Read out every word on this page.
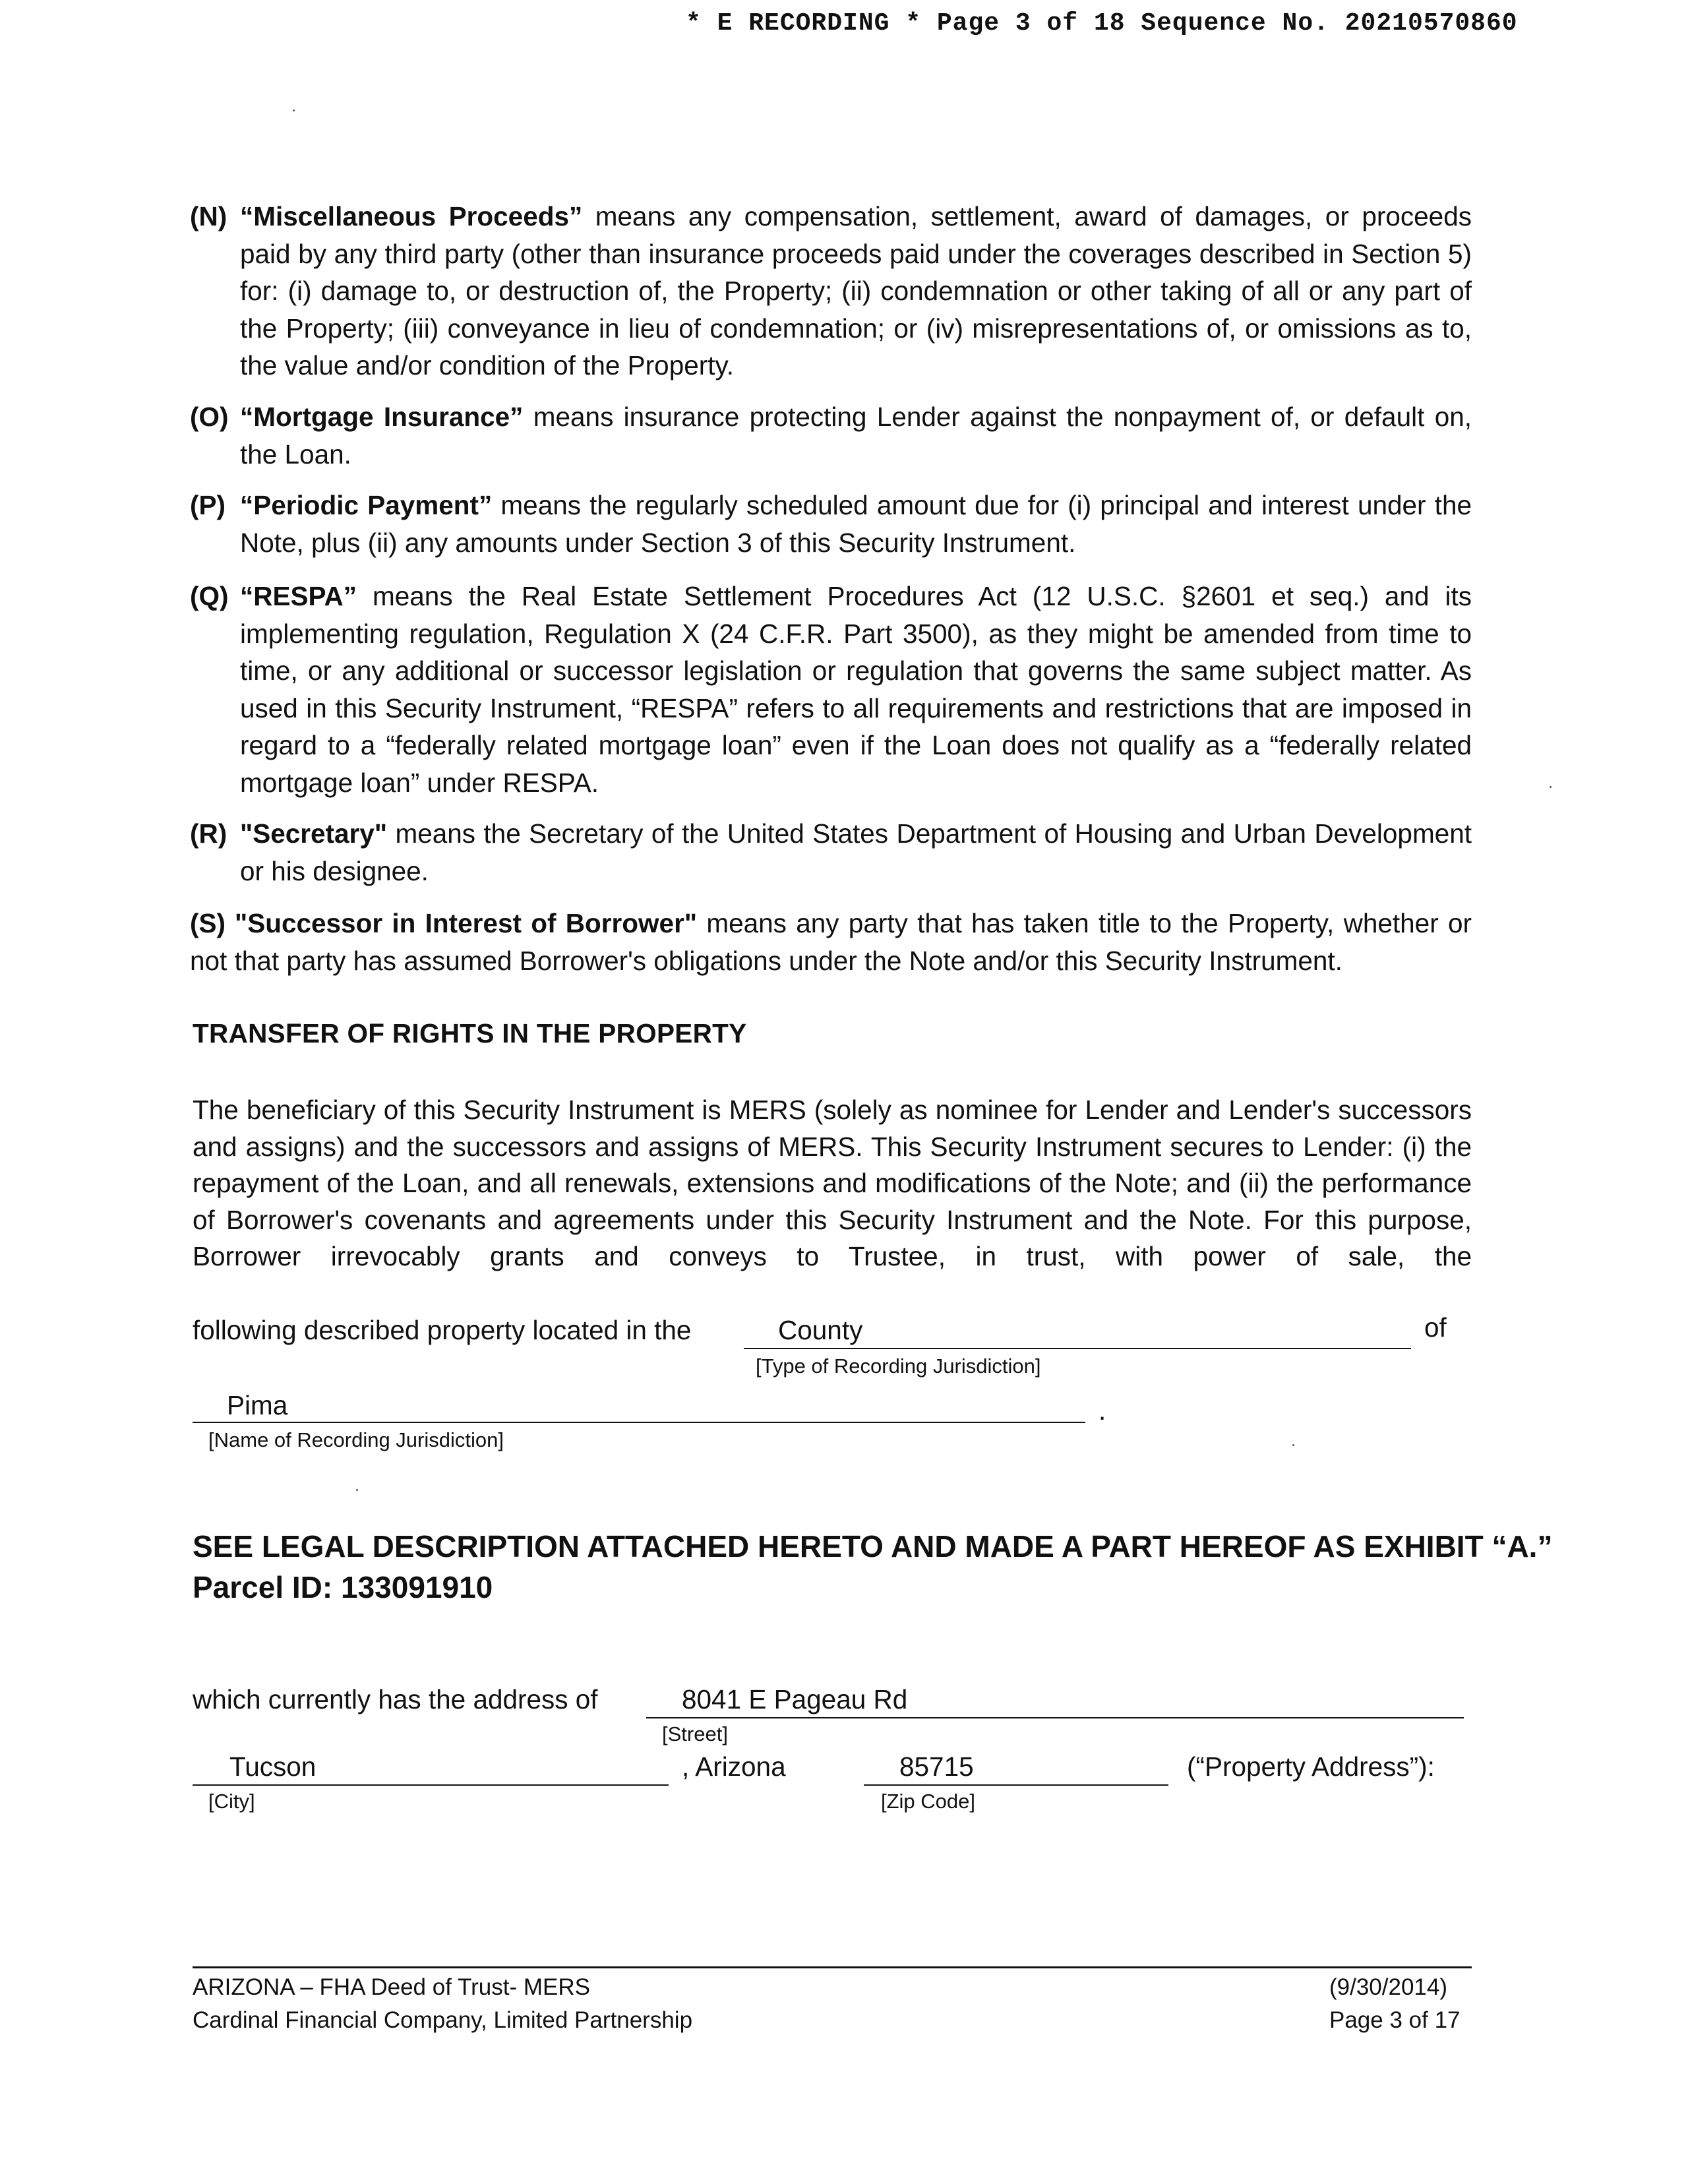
* E RECORDING * Page 3 of 18 Sequence No. 20210570860
(N) “Miscellaneous Proceeds” means any compensation, settlement, award of damages, or proceeds paid by any third party (other than insurance proceeds paid under the coverages described in Section 5) for: (i) damage to, or destruction of, the Property; (ii) condemnation or other taking of all or any part of the Property; (iii) conveyance in lieu of condemnation; or (iv) misrepresentations of, or omissions as to, the value and/or condition of the Property.
(O) “Mortgage Insurance” means insurance protecting Lender against the nonpayment of, or default on, the Loan.
(P) “Periodic Payment” means the regularly scheduled amount due for (i) principal and interest under the Note, plus (ii) any amounts under Section 3 of this Security Instrument.
(Q) “RESPA” means the Real Estate Settlement Procedures Act (12 U.S.C. §2601 et seq.) and its implementing regulation, Regulation X (24 C.F.R. Part 3500), as they might be amended from time to time, or any additional or successor legislation or regulation that governs the same subject matter. As used in this Security Instrument, “RESPA” refers to all requirements and restrictions that are imposed in regard to a “federally related mortgage loan” even if the Loan does not qualify as a “federally related mortgage loan” under RESPA.
(R) "Secretary" means the Secretary of the United States Department of Housing and Urban Development or his designee.
(S) "Successor in Interest of Borrower" means any party that has taken title to the Property, whether or not that party has assumed Borrower's obligations under the Note and/or this Security Instrument.
TRANSFER OF RIGHTS IN THE PROPERTY
The beneficiary of this Security Instrument is MERS (solely as nominee for Lender and Lender's successors and assigns) and the successors and assigns of MERS. This Security Instrument secures to Lender: (i) the repayment of the Loan, and all renewals, extensions and modifications of the Note; and (ii) the performance of Borrower's covenants and agreements under this Security Instrument and the Note. For this purpose, Borrower irrevocably grants and conveys to Trustee, in trust, with power of sale, the
following described property located in the	County
[Type of Recording Jurisdiction]
of
Pima
[Name of Recording Jurisdiction]
.
SEE LEGAL DESCRIPTION ATTACHED HERETO AND MADE A PART HEREOF AS EXHIBIT “A.”
Parcel ID: 133091910
which currently has the address of	8041 E Pageau Rd
[Street]
Tucson
[City]
, Arizona	85715
[Zip Code]
(“Property Address”):
ARIZONA – FHA Deed of Trust- MERS
Cardinal Financial Company, Limited Partnership
(9/30/2014)
Page 3 of 17
